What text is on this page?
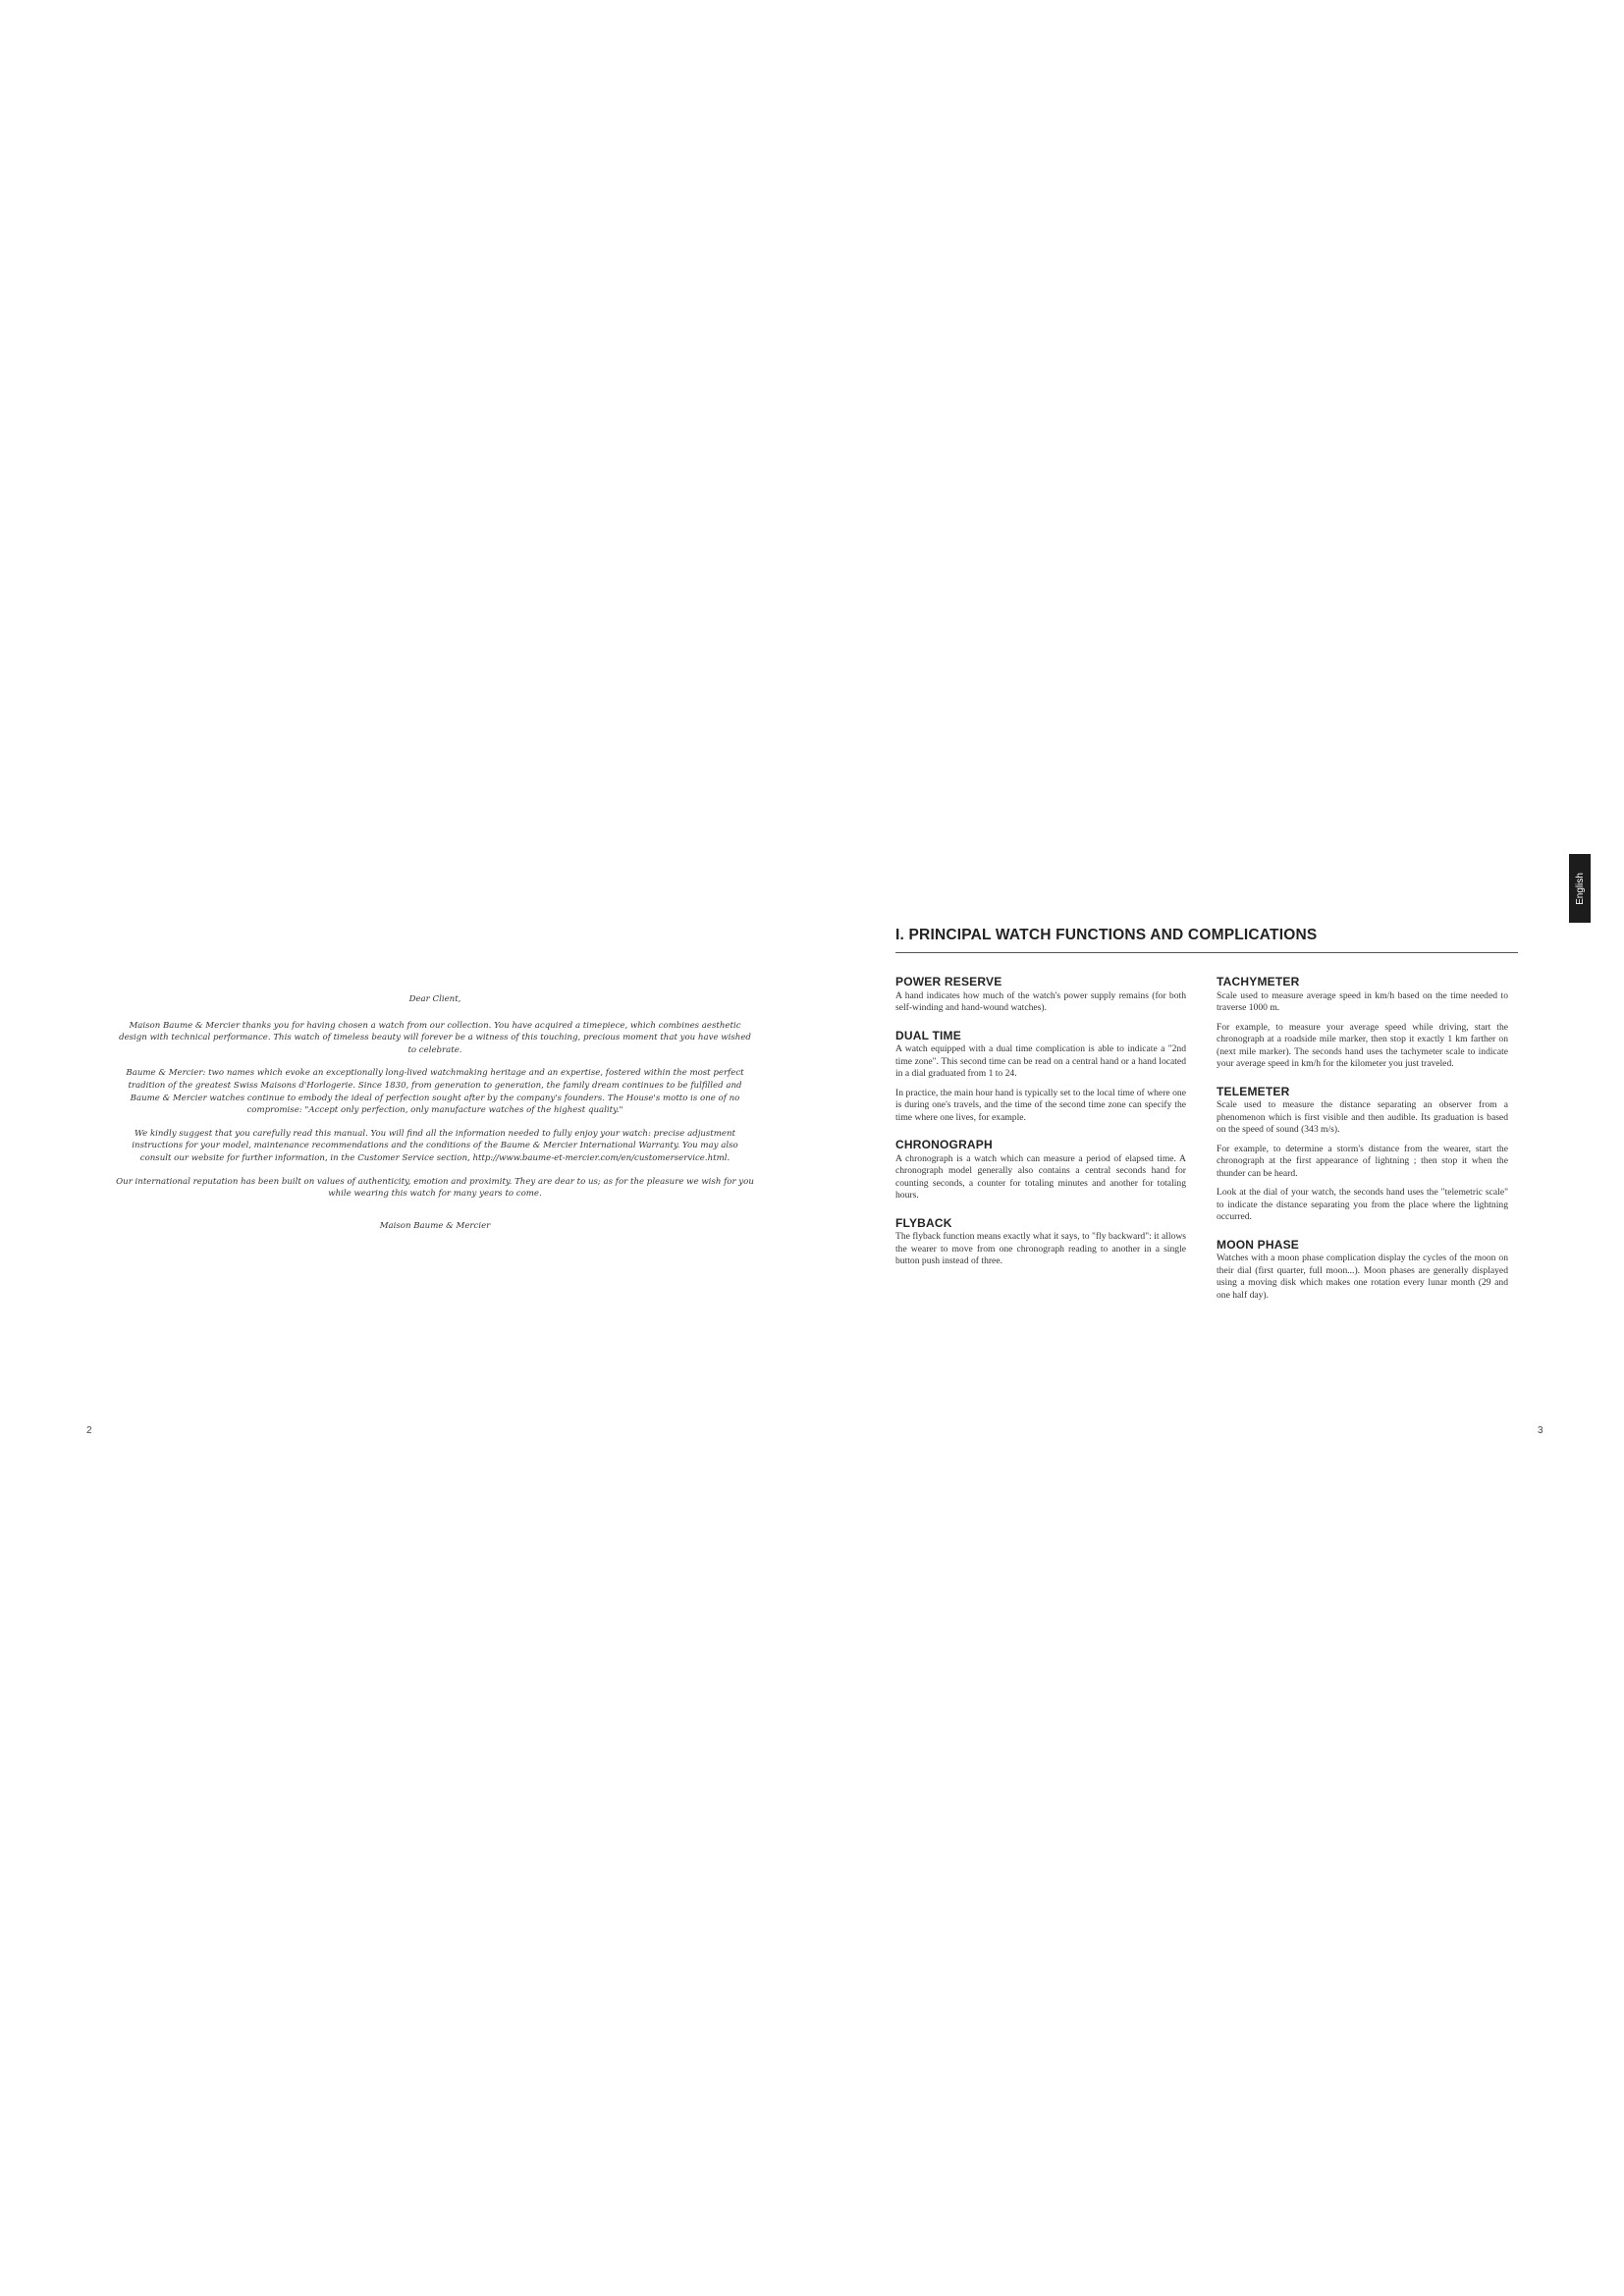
Dear Client,

Maison Baume & Mercier thanks you for having chosen a watch from our collection. You have acquired a timepiece, which combines aesthetic design with technical performance. This watch of timeless beauty will forever be a witness of this touching, precious moment that you have wished to celebrate.

Baume & Mercier: two names which evoke an exceptionally long-lived watchmaking heritage and an expertise, fostered within the most perfect tradition of the greatest Swiss Maisons d'Horlogerie. Since 1830, from generation to generation, the family dream continues to be fulfilled and Baume & Mercier watches continue to embody the ideal of perfection sought after by the company's founders. The House's motto is one of no compromise: "Accept only perfection, only manufacture watches of the highest quality."

We kindly suggest that you carefully read this manual. You will find all the information needed to fully enjoy your watch: precise adjustment instructions for your model, maintenance recommendations and the conditions of the Baume & Mercier International Warranty. You may also consult our website for further information, in the Customer Service section, http://www.baume-et-mercier.com/en/customerservice.html.

Our international reputation has been built on values of authenticity, emotion and proximity. They are dear to us; as for the pleasure we wish for you while wearing this watch for many years to come.

Maison Baume & Mercier

2	3
English
I. PRINCIPAL WATCH FUNCTIONS AND COMPLICATIONS
POWER RESERVE

A hand indicates how much of the watch's power supply remains (for both self-winding and hand-wound watches).

DUAL TIME

A watch equipped with a dual time complication is able to indicate a "2nd time zone". This second time can be read on a central hand or a hand located in a dial graduated from 1 to 24.

In practice, the main hour hand is typically set to the local time of where one is during one's travels, and the time of the second time zone can specify the time where one lives, for example.

CHRONOGRAPH

A chronograph is a watch which can measure a period of elapsed time. A chronograph model generally also contains a central seconds hand for counting seconds, a counter for totaling minutes and another for totaling hours.

FLYBACK

The flyback function means exactly what it says, to "fly backward": it allows the wearer to move from one chronograph reading to another in a single button push instead of three.

TACHYMETER

Scale used to measure average speed in km/h based on the time needed to traverse 1000 m.

For example, to measure your average speed while driving, start the chronograph at a roadside mile marker, then stop it exactly 1 km farther on (next mile marker). The seconds hand uses the tachymeter scale to indicate your average speed in km/h for the kilometer you just traveled.

TELEMETER

Scale used to measure the distance separating an observer from a phenomenon which is first visible and then audible. Its graduation is based on the speed of sound (343 m/s).

For example, to determine a storm's distance from the wearer, start the chronograph at the first appearance of lightning ; then stop it when the thunder can be heard.

Look at the dial of your watch, the seconds hand uses the "telemetric scale" to indicate the distance separating you from the place where the lightning occurred.

MOON PHASE

Watches with a moon phase complication display the cycles of the moon on their dial (first quarter, full moon...). Moon phases are generally displayed using a moving disk which makes one rotation every lunar month (29 and one half day).
